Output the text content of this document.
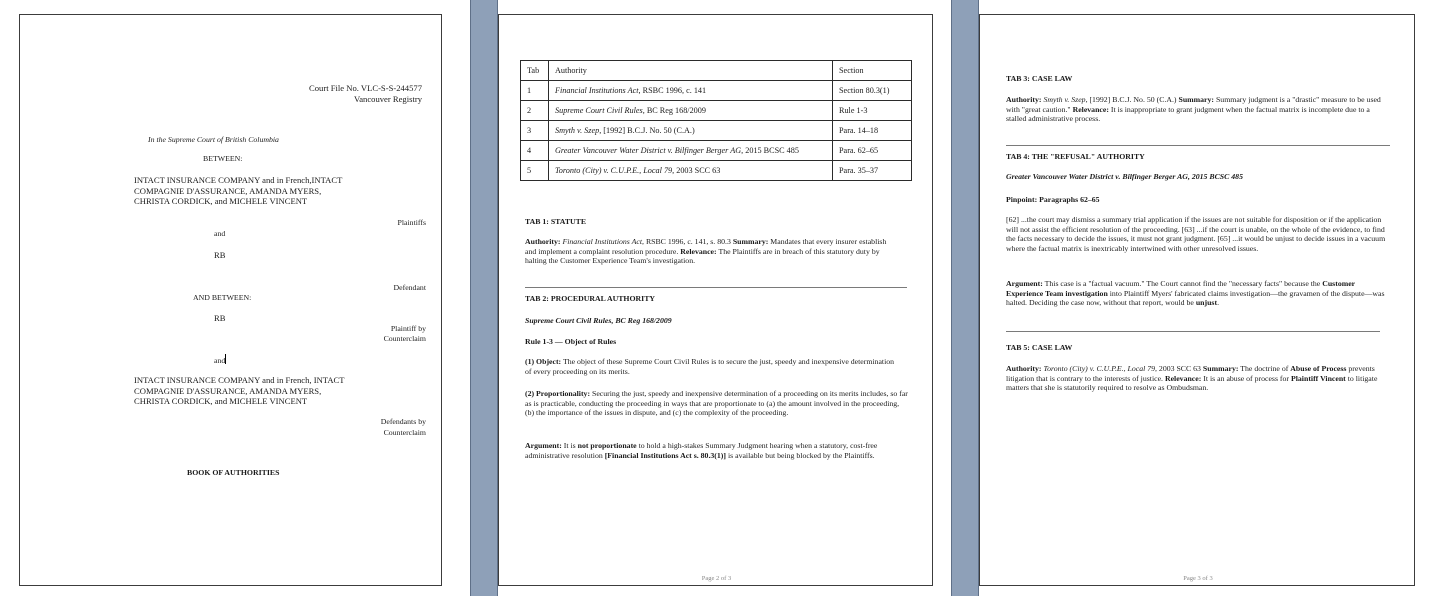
Court File No. VLC-S-S-244577
Vancouver Registry
In the Supreme Court of British Columbia
BETWEEN:
INTACT INSURANCE COMPANY and in French,INTACT
COMPAGNIE D'ASSURANCE, AMANDA MYERS,
CHRISTA CORDICK, and MICHELE VINCENT
Plaintiffs
and
RB
Defendant
AND BETWEEN:
RB
Plaintiff by
Counterclaim
and
INTACT INSURANCE COMPANY and in French, INTACT
COMPAGNIE D'ASSURANCE, AMANDA MYERS,
CHRISTA CORDICK, and MICHELE VINCENT
Defendants by
Counterclaim
BOOK OF AUTHORITIES
Tab	Authority	Section
1	Financial Institutions Act, RSBC 1996, c. 141	Section 80.3(1)
2	Supreme Court Civil Rules, BC Reg 168/2009	Rule 1-3
3	Smyth v. Szep, [1992] B.C.J. No. 50 (C.A.)	Para. 14–18
4	Greater Vancouver Water District v. Bilfinger Berger AG, 2015 BCSC 485	Para. 62–65
5	Toronto (City) v. C.U.P.E., Local 79, 2003 SCC 63	Para. 35–37
TAB 1: STATUTE
Authority: Financial Institutions Act, RSBC 1996, c. 141, s. 80.3 Summary: Mandates that every insurer establish and implement a complaint resolution procedure. Relevance: The Plaintiffs are in breach of this statutory duty by halting the Customer Experience Team's investigation.
TAB 2: PROCEDURAL AUTHORITY
Supreme Court Civil Rules, BC Reg 168/2009
Rule 1-3 — Object of Rules
(1) Object: The object of these Supreme Court Civil Rules is to secure the just, speedy and inexpensive determination of every proceeding on its merits.
(2) Proportionality: Securing the just, speedy and inexpensive determination of a proceeding on its merits includes, so far as is practicable, conducting the proceeding in ways that are proportionate to (a) the amount involved in the proceeding, (b) the importance of the issues in dispute, and (c) the complexity of the proceeding.
Argument: It is not proportionate to hold a high-stakes Summary Judgment hearing when a statutory, cost-free administrative resolution [Financial Institutions Act s. 80.3(1)] is available but being blocked by the Plaintiffs.
Page 2 of 3
TAB 3: CASE LAW
Authority: Smyth v. Szep, [1992] B.C.J. No. 50 (C.A.) Summary: Summary judgment is a "drastic" measure to be used with "great caution." Relevance: It is inappropriate to grant judgment when the factual matrix is incomplete due to a stalled administrative process.
TAB 4: THE "REFUSAL" AUTHORITY
Greater Vancouver Water District v. Bilfinger Berger AG, 2015 BCSC 485
Pinpoint: Paragraphs 62–65
[62] ...the court may dismiss a summary trial application if the issues are not suitable for disposition or if the application will not assist the efficient resolution of the proceeding. [63] ...if the court is unable, on the whole of the evidence, to find the facts necessary to decide the issues, it must not grant judgment. [65] ...it would be unjust to decide issues in a vacuum where the factual matrix is inextricably intertwined with other unresolved issues.
Argument: This case is a "factual vacuum." The Court cannot find the "necessary facts" because the Customer Experience Team investigation into Plaintiff Myers' fabricated claims investigation—the gravamen of the dispute—was halted. Deciding the case now, without that report, would be unjust.
TAB 5: CASE LAW
Authority: Toronto (City) v. C.U.P.E., Local 79, 2003 SCC 63 Summary: The doctrine of Abuse of Process prevents litigation that is contrary to the interests of justice. Relevance: It is an abuse of process for Plaintiff Vincent to litigate matters that she is statutorily required to resolve as Ombudsman.
Page 3 of 3
